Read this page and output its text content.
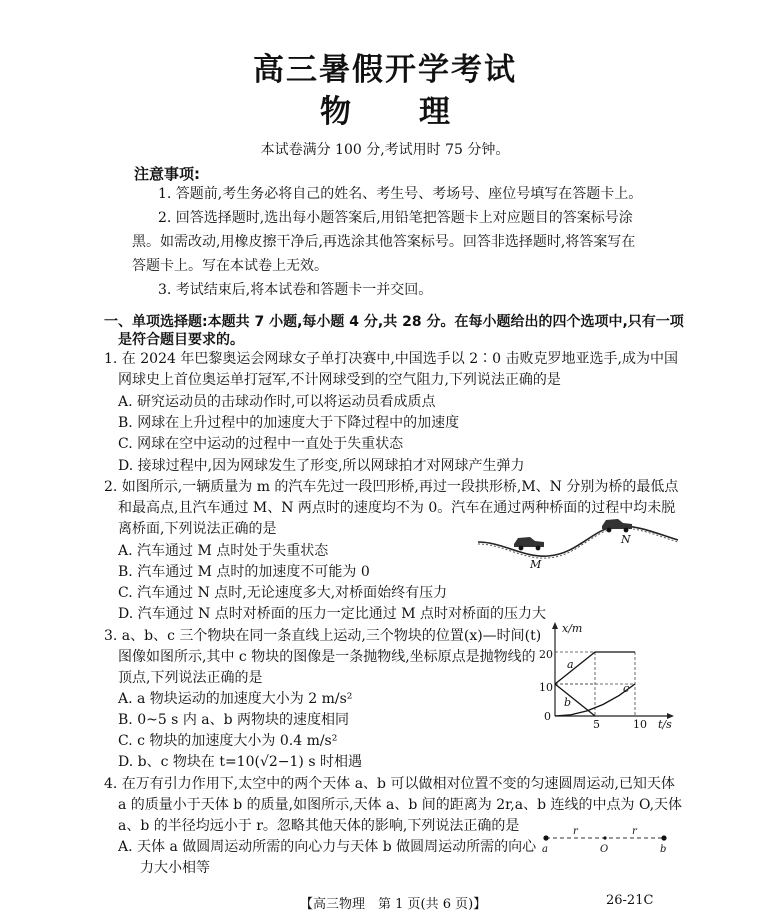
高三暑假开学考试
物理
本试卷满分 100 分,考试用时 75 分钟。
注意事项:
1. 答题前,考生务必将自己的姓名、考生号、考场号、座位号填写在答题卡上。
2. 回答选择题时,选出每小题答案后,用铅笔把答题卡上对应题目的答案标号涂
黑。如需改动,用橡皮擦干净后,再选涂其他答案标号。回答非选择题时,将答案写在
答题卡上。写在本试卷上无效。
3. 考试结束后,将本试卷和答题卡一并交回。
一、单项选择题:本题共 7 小题,每小题 4 分,共 28 分。在每小题给出的四个选项中,只有一项
是符合题目要求的。
1. 在 2024 年巴黎奥运会网球女子单打决赛中,中国选手以 2∶0 击败克罗地亚选手,成为中国
网球史上首位奥运单打冠军,不计网球受到的空气阻力,下列说法正确的是
A. 研究运动员的击球动作时,可以将运动员看成质点
B. 网球在上升过程中的加速度大于下降过程中的加速度
C. 网球在空中运动的过程中一直处于失重状态
D. 接球过程中,因为网球发生了形变,所以网球拍才对网球产生弹力
2. 如图所示,一辆质量为 m 的汽车先过一段凹形桥,再过一段拱形桥,M、N 分别为桥的最低点
和最高点,且汽车通过 M、N 两点时的速度均不为 0。汽车在通过两种桥面的过程中均未脱
离桥面,下列说法正确的是
A. 汽车通过 M 点时处于失重状态
B. 汽车通过 M 点时的加速度不可能为 0
C. 汽车通过 N 点时,无论速度多大,对桥面始终有压力
D. 汽车通过 N 点时对桥面的压力一定比通过 M 点时对桥面的压力大
M
N
3. a、b、c 三个物块在同一条直线上运动,三个物块的位置(x)—时间(t)
图像如图所示,其中 c 物块的图像是一条抛物线,坐标原点是抛物线的
顶点,下列说法正确的是
A. a 物块运动的加速度大小为 2 m/s²
B. 0~5 s 内 a、b 两物块的速度相同
C. c 物块的加速度大小为 0.4 m/s²
D. b、c 物块在 t=10(√2−1) s 时相遇
x/m
t/s
0
10
20
5	10
a
b
c
4. 在万有引力作用下,太空中的两个天体 a、b 可以做相对位置不变的匀速圆周运动,已知天体
a 的质量小于天体 b 的质量,如图所示,天体 a、b 间的距离为 2r,a、b 连线的中点为 O,天体
a、b 的半径均远小于 r。忽略其他天体的影响,下列说法正确的是
A. 天体 a 做圆周运动所需的向心力与天体 b 做圆周运动所需的向心
力大小相等
r	r
a	O	b
【高三物理　第 1 页(共 6 页)】	26-21C
